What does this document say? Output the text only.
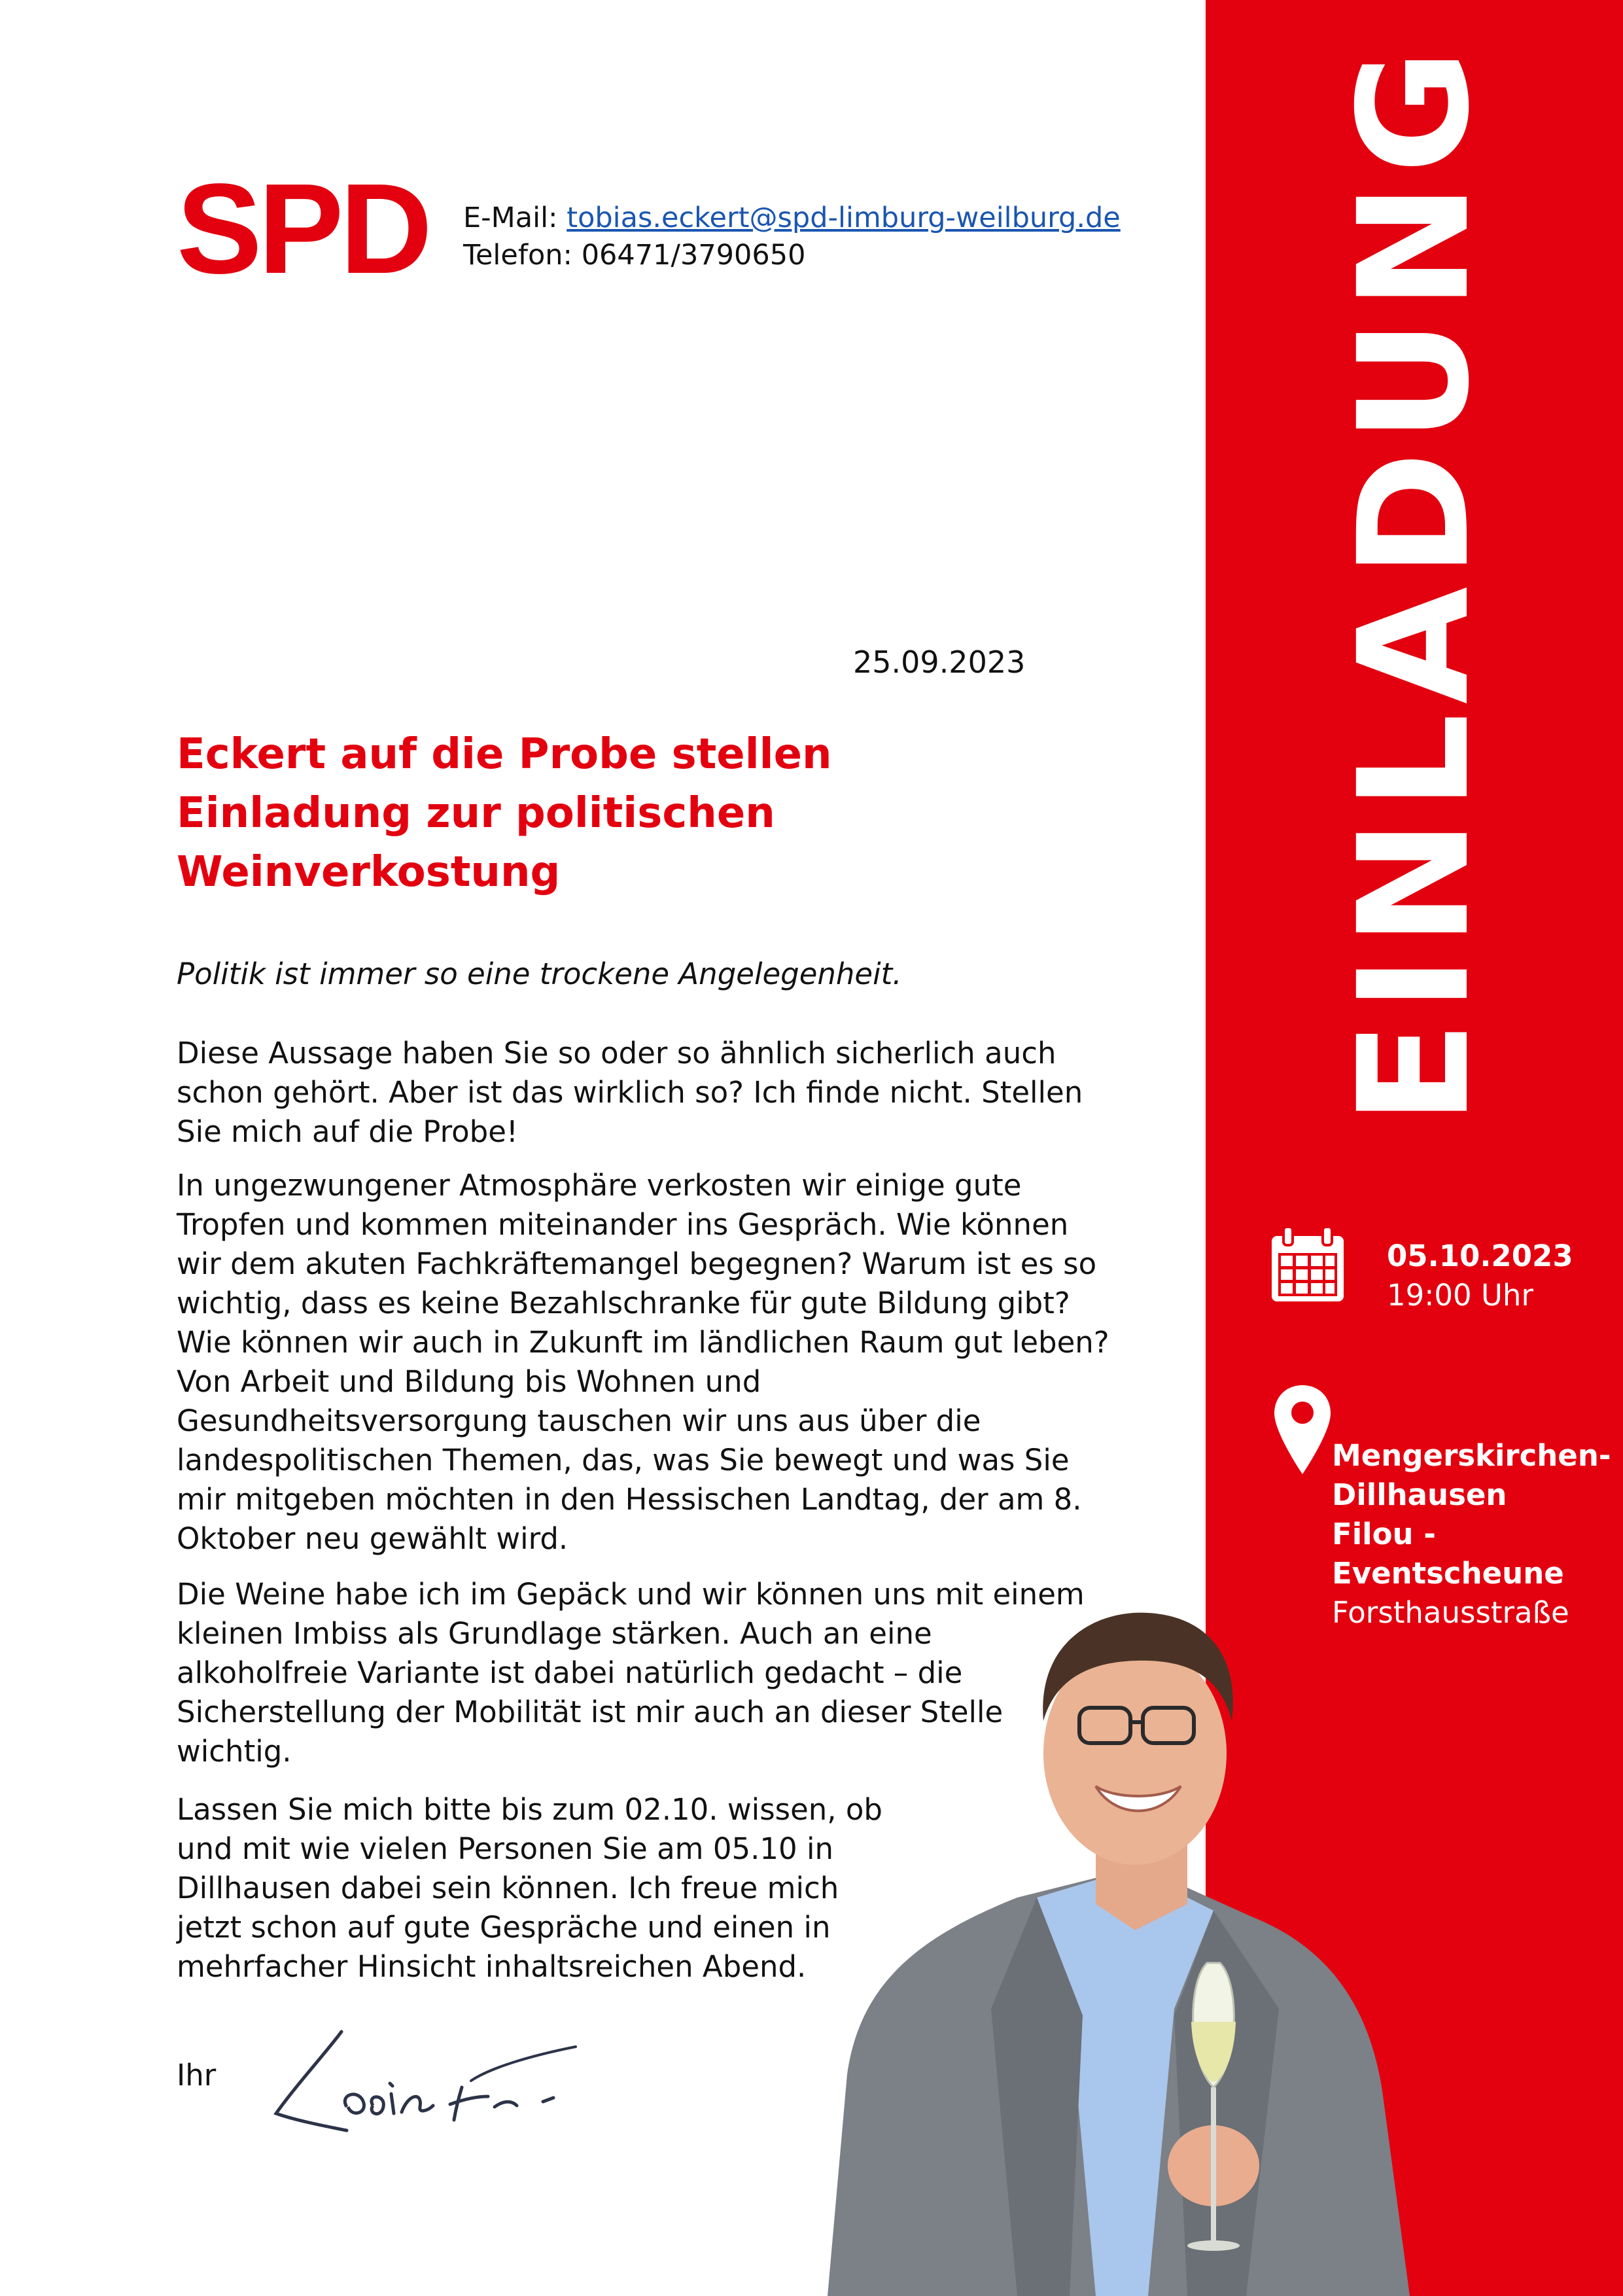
EINLADUNG
SPD E-Mail: tobias.eckert@spd-limburg-weilburg.de
Telefon: 06471/3790650
25.09.2023
Eckert auf die Probe stellen
Einladung zur politischen
Weinverkostung
Politik ist immer so eine trockene Angelegenheit.
Diese Aussage haben Sie so oder so ähnlich sicherlich auch
schon gehört. Aber ist das wirklich so? Ich finde nicht. Stellen
Sie mich auf die Probe!
In ungezwungener Atmosphäre verkosten wir einige gute
Tropfen und kommen miteinander ins Gespräch. Wie können
wir dem akuten Fachkräftemangel begegnen? Warum ist es so
wichtig, dass es keine Bezahlschranke für gute Bildung gibt?
Wie können wir auch in Zukunft im ländlichen Raum gut leben?
Von Arbeit und Bildung bis Wohnen und
Gesundheitsversorgung tauschen wir uns aus über die
landespolitischen Themen, das, was Sie bewegt und was Sie
mir mitgeben möchten in den Hessischen Landtag, der am 8.
Oktober neu gewählt wird.
Die Weine habe ich im Gepäck und wir können uns mit einem
kleinen Imbiss als Grundlage stärken. Auch an eine
alkoholfreie Variante ist dabei natürlich gedacht – die
Sicherstellung der Mobilität ist mir auch an dieser Stelle
wichtig.
Lassen Sie mich bitte bis zum 02.10. wissen, ob
und mit wie vielen Personen Sie am 05.10 in
Dillhausen dabei sein können. Ich freue mich
jetzt schon auf gute Gespräche und einen in
mehrfacher Hinsicht inhaltsreichen Abend.
Ihr
05.10.2023
19:00 Uhr
Mengerskirchen-
Dillhausen
Filou -
Eventscheune
Forsthausstraße
